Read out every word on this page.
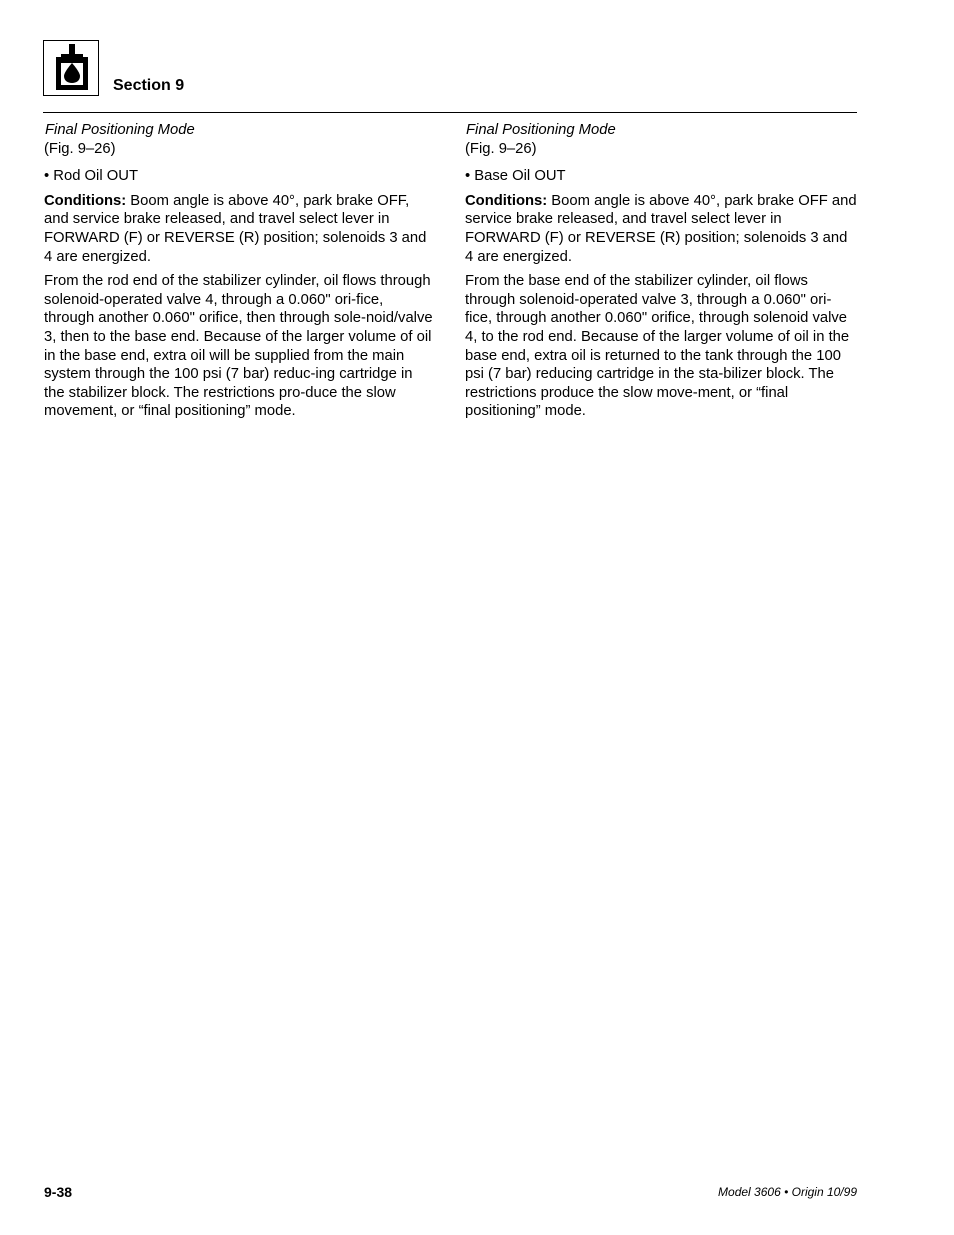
Section 9

Final Positioning Mode

(Fig. 9–26)

• Rod Oil OUT

Conditions: Boom angle is above 40°, park brake OFF, and service brake released, and travel select lever in FORWARD (F) or REVERSE (R) position; solenoids 3 and 4 are energized.

From the rod end of the stabilizer cylinder, oil flows through solenoid-operated valve 4, through a 0.060" ori-fice, through another 0.060" orifice, then through sole-noid/valve 3, then to the base end. Because of the larger volume of oil in the base end, extra oil will be supplied from the main system through the 100 psi (7 bar) reduc-ing cartridge in the stabilizer block. The restrictions pro-duce the slow movement, or “final positioning” mode.

Final Positioning Mode

(Fig. 9–26)

• Base Oil OUT

Conditions: Boom angle is above 40°, park brake OFF and service brake released, and travel select lever in FORWARD (F) or REVERSE (R) position; solenoids 3 and 4 are energized.

From the base end of the stabilizer cylinder, oil flows through solenoid-operated valve 3, through a 0.060" ori-fice, through another 0.060" orifice, through solenoid valve 4, to the rod end. Because of the larger volume of oil in the base end, extra oil is returned to the tank through the 100 psi (7 bar) reducing cartridge in the sta-bilizer block. The restrictions produce the slow move-ment, or “final positioning” mode.

9-38	Model 3606 • Origin 10/99
